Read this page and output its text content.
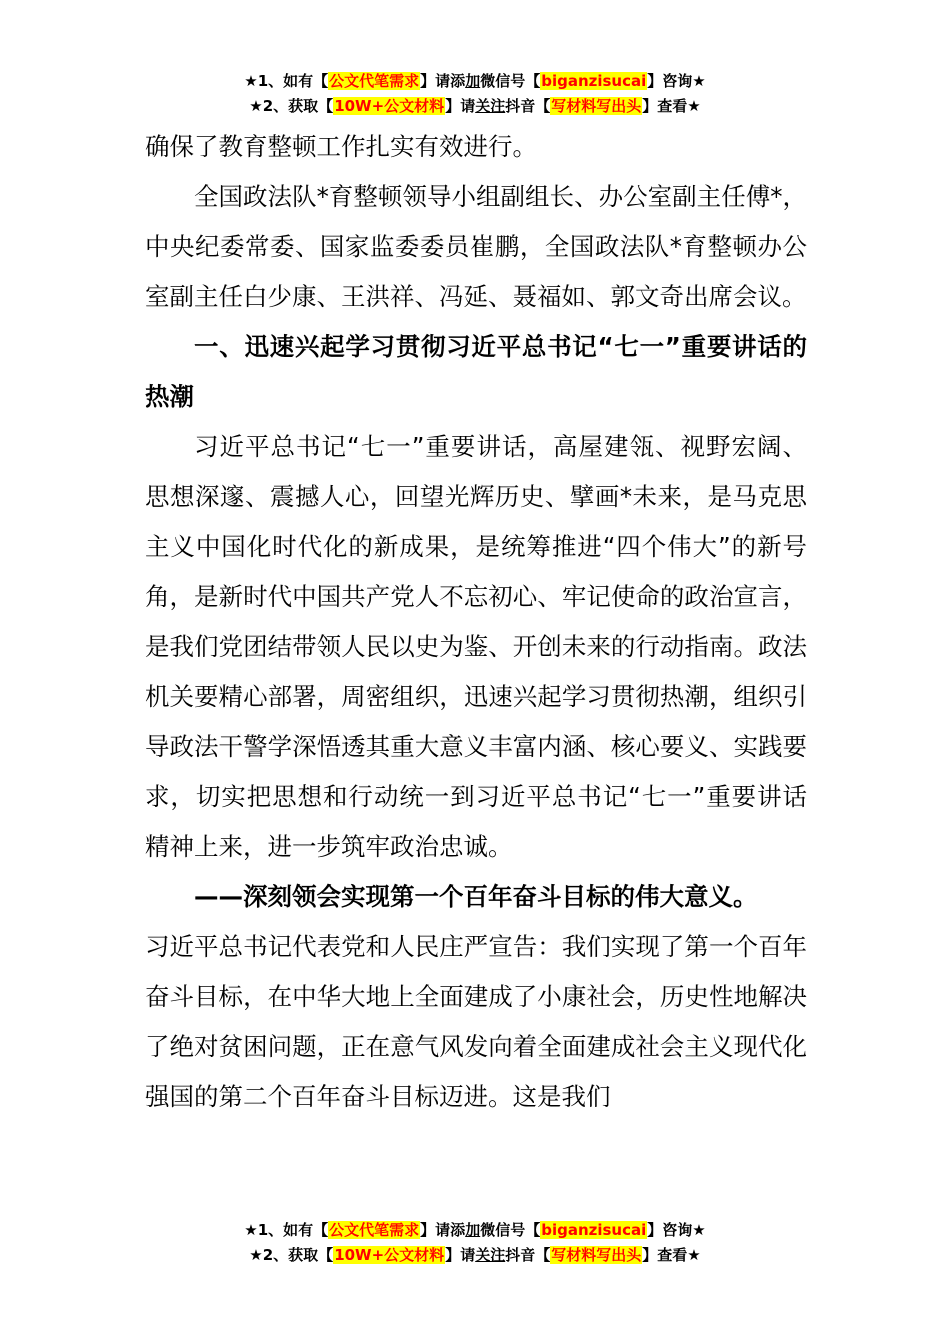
★1、如有【公文代笔需求】请添加微信号【biganzisucai】咨询★
★2、获取【10W+公文材料】请关注抖音【写材料写出头】查看★

确保了教育整顿工作扎实有效进行。

全国政法队*育整顿领导小组副组长、办公室副主任傅*，中央纪委常委、国家监委委员崔鹏，全国政法队*育整顿办公室副主任白少康、王洪祥、冯延、聂福如、郭文奇出席会议。

一、迅速兴起学习贯彻习近平总书记“七一”重要讲话的热潮

习近平总书记“七一”重要讲话，高屋建瓴、视野宏阔、思想深邃、震撼人心，回望光辉历史、擘画*未来，是马克思主义中国化时代化的新成果，是统筹推进“四个伟大”的新号角，是新时代中国共产党人不忘初心、牢记使命的政治宣言，是我们党团结带领人民以史为鉴、开创未来的行动指南。政法机关要精心部署，周密组织，迅速兴起学习贯彻热潮，组织引导政法干警学深悟透其重大意义丰富内涵、核心要义、实践要求，切实把思想和行动统一到习近平总书记“七一”重要讲话精神上来，进一步筑牢政治忠诚。

——深刻领会实现第一个百年奋斗目标的伟大意义。

习近平总书记代表党和人民庄严宣告：我们实现了第一个百年奋斗目标，在中华大地上全面建成了小康社会，历史性地解决了绝对贫困问题，正在意气风发向着全面建成社会主义现代化强国的第二个百年奋斗目标迈进。这是我们

★1、如有【公文代笔需求】请添加微信号【biganzisucai】咨询★
★2、获取【10W+公文材料】请关注抖音【写材料写出头】查看★
